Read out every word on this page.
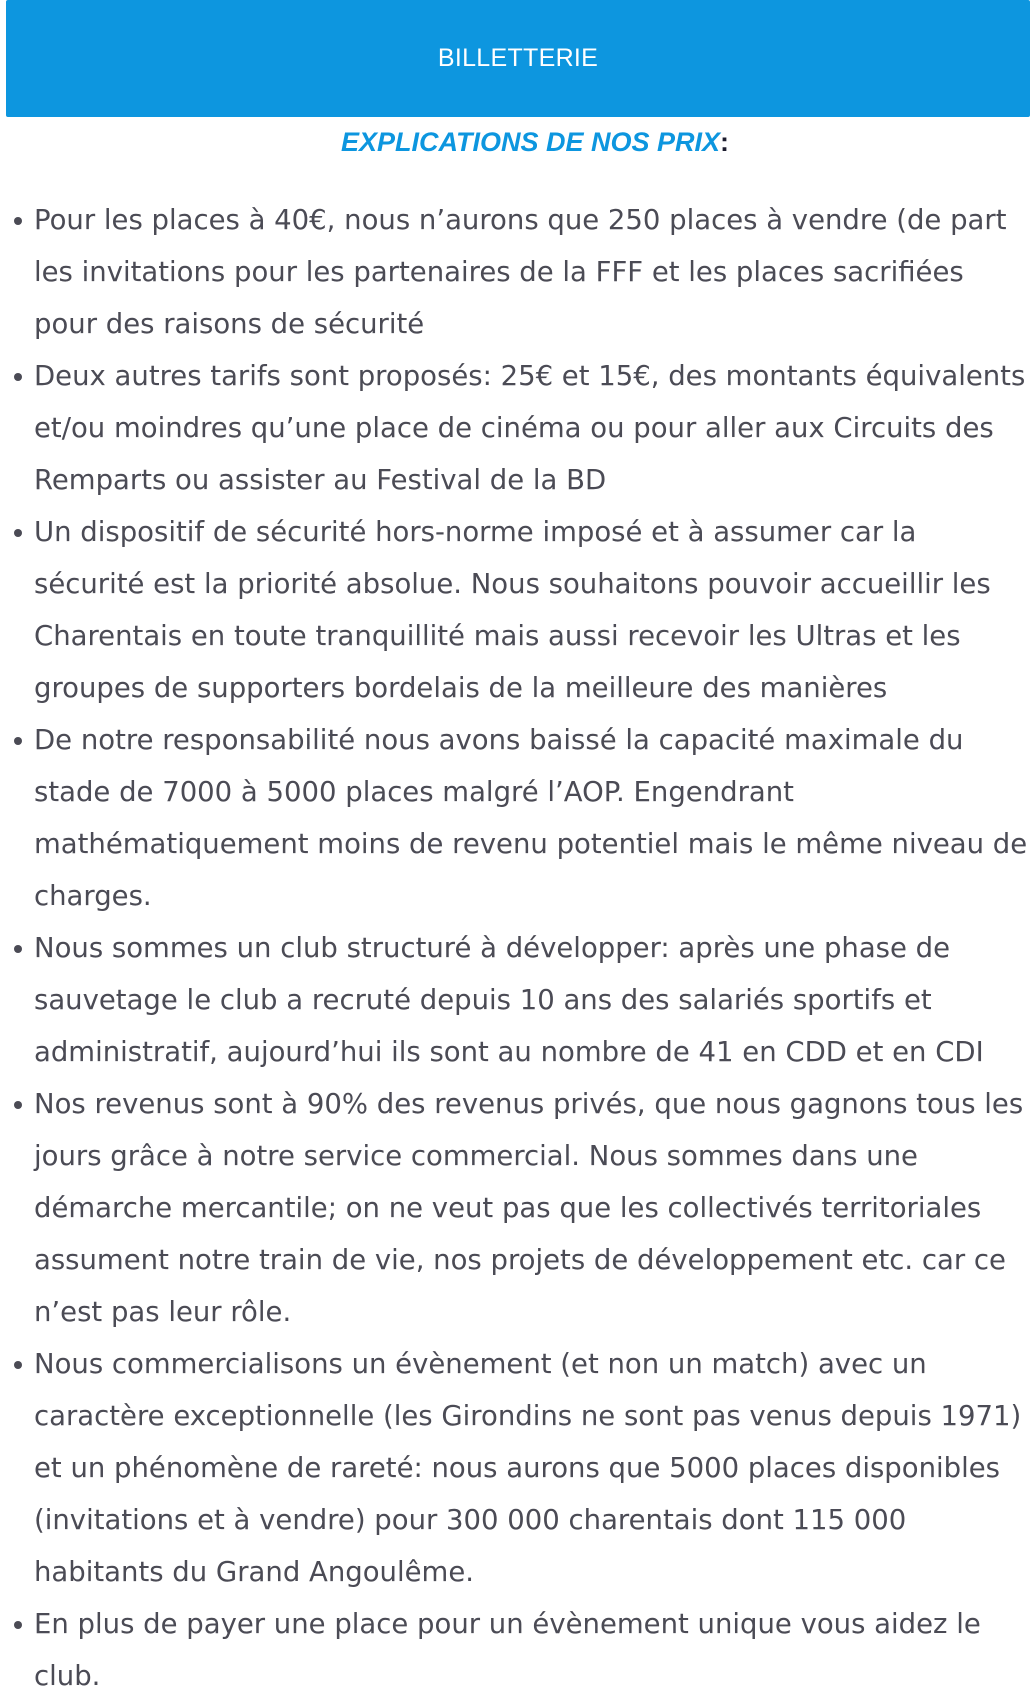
BILLETTERIE
EXPLICATIONS DE NOS PRIX:
Pour les places à 40€, nous n’aurons que 250 places à vendre (de part les invitations pour les partenaires de la FFF et les places sacrifiées pour des raisons de sécurité
Deux autres tarifs sont proposés: 25€ et 15€, des montants équivalents et/ou moindres qu’une place de cinéma ou pour aller aux Circuits des Remparts ou assister au Festival de la BD
Un dispositif de sécurité hors-norme imposé et à assumer car la sécurité est la priorité absolue. Nous souhaitons pouvoir accueillir les Charentais en toute tranquillité mais aussi recevoir les Ultras et les groupes de supporters bordelais de la meilleure des manières
De notre responsabilité nous avons baissé la capacité maximale du stade de 7000 à 5000 places malgré l’AOP. Engendrant mathématiquement moins de revenu potentiel mais le même niveau de charges.
Nous sommes un club structuré à développer: après une phase de sauvetage le club a recruté depuis 10 ans des salariés sportifs et administratif, aujourd’hui ils sont au nombre de 41 en CDD et en CDI
Nos revenus sont à 90% des revenus privés, que nous gagnons tous les jours grâce à notre service commercial. Nous sommes dans une démarche mercantile; on ne veut pas que les collectivés territoriales assument notre train de vie, nos projets de développement etc. car ce n’est pas leur rôle.
Nous commercialisons un évènement (et non un match) avec un caractère exceptionnelle (les Girondins ne sont pas venus depuis 1971) et un phénomène de rareté: nous aurons que 5000 places disponibles (invitations et à vendre) pour 300 000 charentais dont 115 000 habitants du Grand Angoulême.
En plus de payer une place pour un évènement unique vous aidez le club.
